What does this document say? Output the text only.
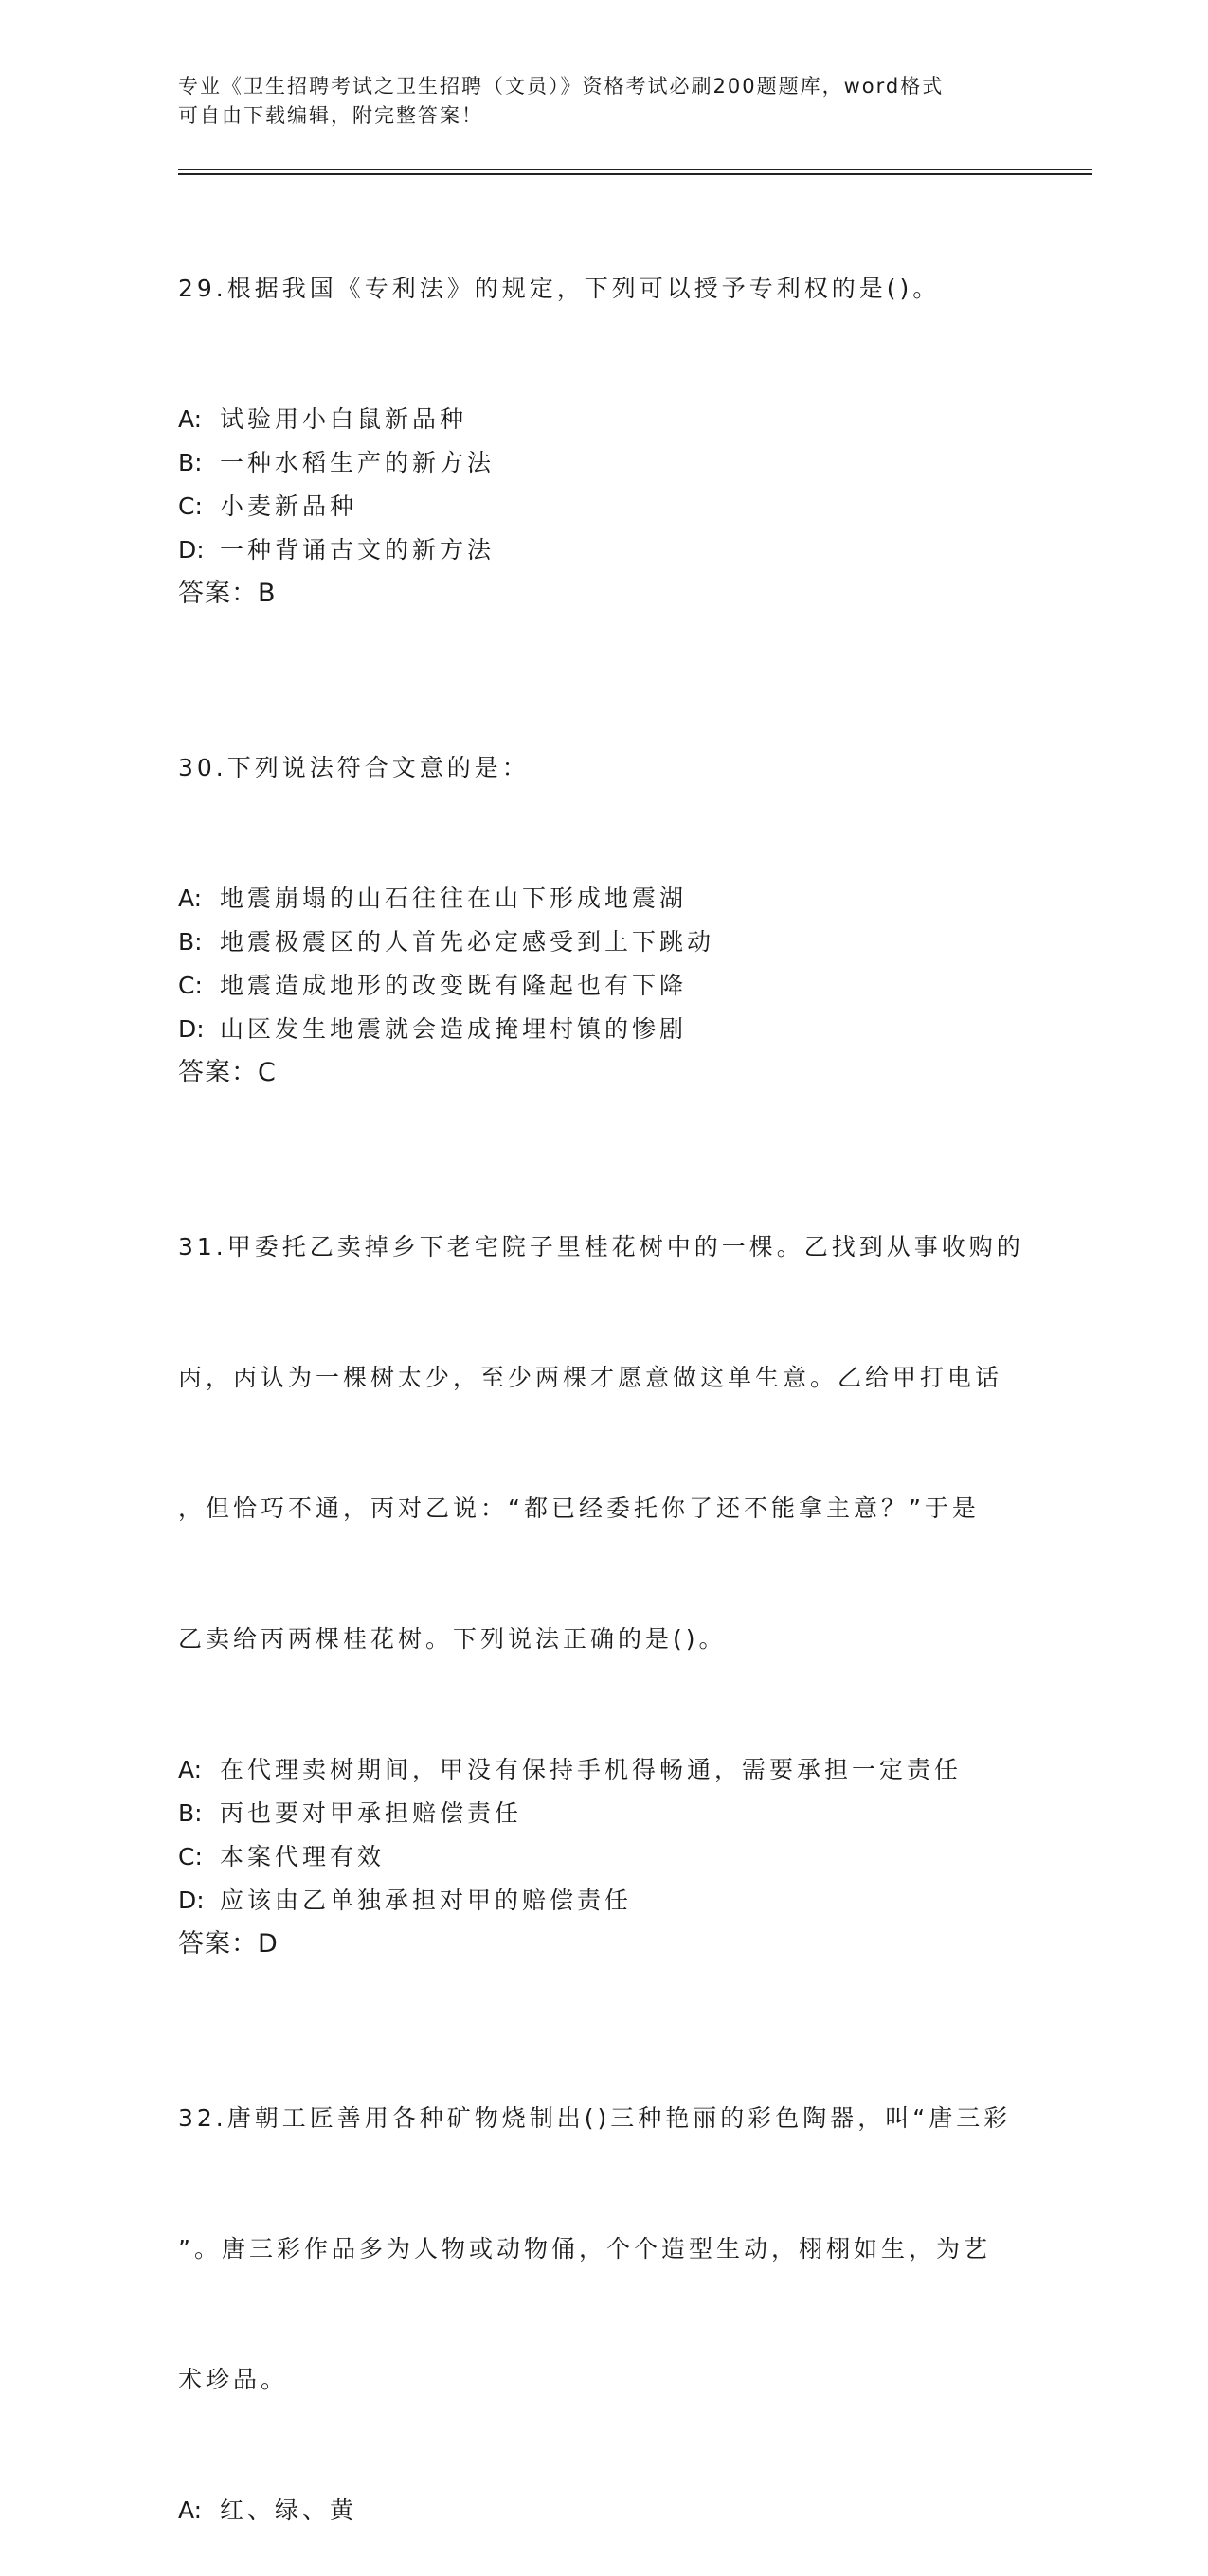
专业《卫生招聘考试之卫生招聘（文员）》资格考试必刷200题题库，word格式
可自由下载编辑，附完整答案！

29.根据我国《专利法》的规定，下列可以授予专利权的是()。

A: 试验用小白鼠新品种
B: 一种水稻生产的新方法
C: 小麦新品种
D: 一种背诵古文的新方法
答案：B

30.下列说法符合文意的是：

A: 地震崩塌的山石往往在山下形成地震湖
B: 地震极震区的人首先必定感受到上下跳动
C: 地震造成地形的改变既有隆起也有下降
D: 山区发生地震就会造成掩埋村镇的惨剧
答案：C

31.甲委托乙卖掉乡下老宅院子里桂花树中的一棵。乙找到从事收购的

丙，丙认为一棵树太少，至少两棵才愿意做这单生意。乙给甲打电话

，但恰巧不通，丙对乙说：“都已经委托你了还不能拿主意？”于是

乙卖给丙两棵桂花树。下列说法正确的是()。

A: 在代理卖树期间，甲没有保持手机得畅通，需要承担一定责任
B: 丙也要对甲承担赔偿责任
C: 本案代理有效
D: 应该由乙单独承担对甲的赔偿责任
答案：D

32.唐朝工匠善用各种矿物烧制出()三种艳丽的彩色陶器，叫“唐三彩

”。唐三彩作品多为人物或动物俑，个个造型生动，栩栩如生，为艺

术珍品。

A: 红、绿、黄
